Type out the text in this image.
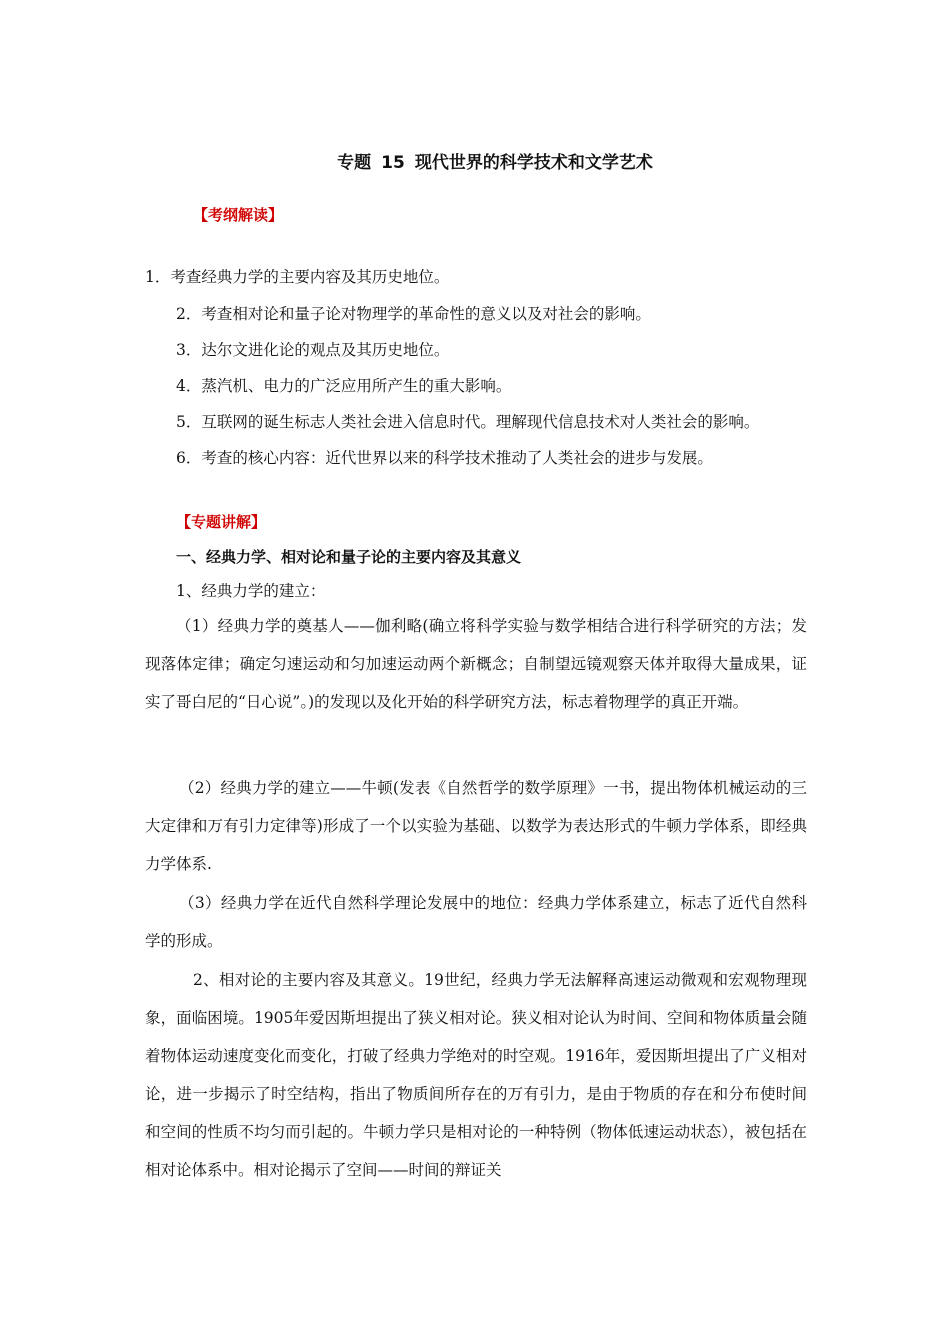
专题 15 现代世界的科学技术和文学艺术
【考纲解读】
1．考查经典力学的主要内容及其历史地位。
2．考查相对论和量子论对物理学的革命性的意义以及对社会的影响。
3．达尔文进化论的观点及其历史地位。
4．蒸汽机、电力的广泛应用所产生的重大影响。
5．互联网的诞生标志人类社会进入信息时代。理解现代信息技术对人类社会的影响。
6．考查的核心内容：近代世界以来的科学技术推动了人类社会的进步与发展。
【专题讲解】
一、经典力学、相对论和量子论的主要内容及其意义
1、经典力学的建立：

（1）经典力学的奠基人——伽利略(确立将科学实验与数学相结合进行科学研究的方法；发现落体定律；确定匀速运动和匀加速运动两个新概念；自制望远镜观察天体并取得大量成果，证实了哥白尼的“日心说”。)的发现以及化开始的科学研究方法，标志着物理学的真正开端。

（2）经典力学的建立——牛顿(发表《自然哲学的数学原理》一书，提出物体机械运动的三大定律和万有引力定律等)形成了一个以实验为基础、以数学为表达形式的牛顿力学体系，即经典力学体系.

（3）经典力学在近代自然科学理论发展中的地位：经典力学体系建立，标志了近代自然科学的形成。

2、相对论的主要内容及其意义。19世纪，经典力学无法解释高速运动微观和宏观物理现象，面临困境。1905年爱因斯坦提出了狭义相对论。狭义相对论认为时间、空间和物体质量会随着物体运动速度变化而变化，打破了经典力学绝对的时空观。1916年，爱因斯坦提出了广义相对论，进一步揭示了时空结构，指出了物质间所存在的万有引力，是由于物质的存在和分布使时间和空间的性质不均匀而引起的。牛顿力学只是相对论的一种特例（物体低速运动状态），被包括在相对论体系中。相对论揭示了空间——时间的辩证关
